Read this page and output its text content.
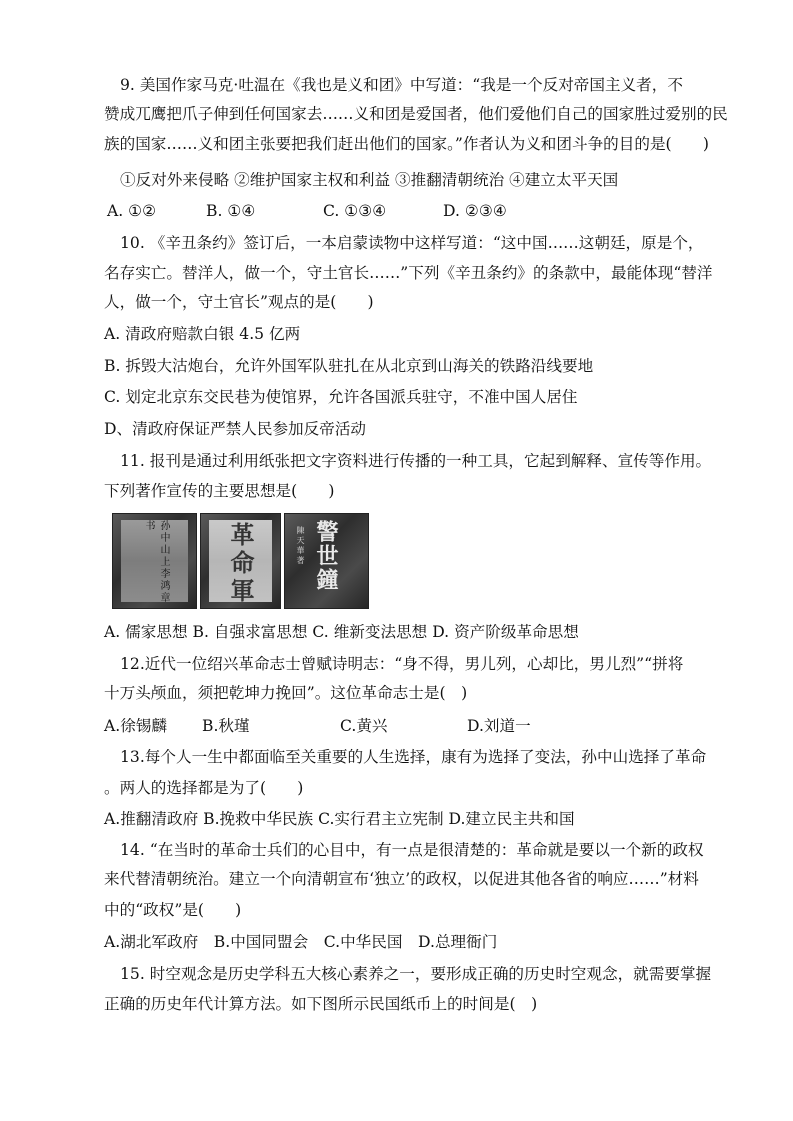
9. 美国作家马克·吐温在《我也是义和团》中写道：“我是一个反对帝国主义者，不
赞成兀鹰把爪子伸到任何国家去……义和团是爱国者，他们爱他们自己的国家胜过爱别的民
族的国家……义和团主张要把我们赶出他们的国家。”作者认为义和团斗争的目的是(　　)
①反对外来侵略 ②维护国家主权和利益 ③推翻清朝统治 ④建立太平天国
A. ①②	B. ①④	C. ①③④	D. ②③④
10. 《辛丑条约》签订后，一本启蒙读物中这样写道：“这中国……这朝廷，原是个，
名存实亡。替洋人，做一个，守土官长……”下列《辛丑条约》的条款中，最能体现“替洋
人，做一个，守土官长”观点的是(　　)
A. 清政府赔款白银 4.5 亿两
B. 拆毁大沽炮台，允许外国军队驻扎在从北京到山海关的铁路沿线要地
C. 划定北京东交民巷为使馆界，允许各国派兵驻守，不准中国人居住
D、清政府保证严禁人民参加反帝活动
11. 报刊是通过利用纸张把文字资料进行传播的一种工具，它起到解释、宣传等作用。
下列著作宣传的主要思想是(　　)
孙中山上李鸿章书	革命軍	陳天華著 警世鐘
A. 儒家思想 B. 自强求富思想 C. 维新变法思想 D. 资产阶级革命思想
12.近代一位绍兴革命志士曾赋诗明志：“身不得，男儿列，心却比，男儿烈”“拼将
十万头颅血，须把乾坤力挽回”。这位革命志士是(　)
A.徐锡麟 B.秋瑾	C.黄兴	D.刘道一
13.每个人一生中都面临至关重要的人生选择，康有为选择了变法，孙中山选择了革命
。两人的选择都是为了(　　)
A.推翻清政府 B.挽救中华民族 C.实行君主立宪制 D.建立民主共和国
14. “在当时的革命士兵们的心目中，有一点是很清楚的：革命就是要以一个新的政权
来代替清朝统治。建立一个向清朝宣布‘独立’的政权，以促进其他各省的响应……”材料
中的“政权”是(　　)
A.湖北军政府　B.中国同盟会　C.中华民国　D.总理衙门
15. 时空观念是历史学科五大核心素养之一，要形成正确的历史时空观念，就需要掌握
正确的历史年代计算方法。如下图所示民国纸币上的时间是(　)
